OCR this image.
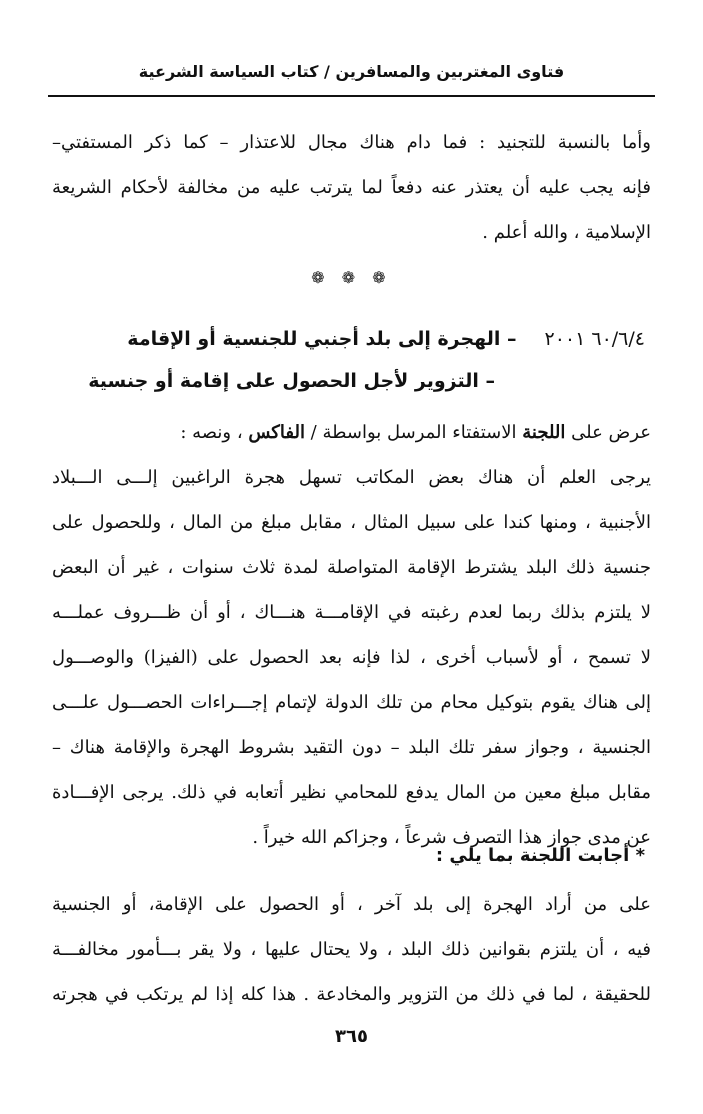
فتاوى المغتربين والمسافرين / كتاب السياسة الشرعية
وأما بالنسبة للتجنيد : فما دام هناك مجال للاعتذار – كما ذكر المستفتي–
فإنه يجب عليه أن يعتذر عنه دفعاً لما يترتب عليه من مخالفة لأحكام الشريعة
الإسلامية ، والله أعلم .
❁ ❁ ❁
٦٠/٦/٤ ٢٠٠١– الهجرة إلى بلد أجنبي للجنسية أو الإقامة
– التزوير لأجل الحصول على إقامة أو جنسية
عرض على اللجنة الاستفتاء المرسل بواسطة / الفاكس ، ونصه :
يرجى العلم أن هناك بعض المكاتب تسهل هجرة الراغبين إلـــى الـــبلاد
الأجنبية ، ومنها كندا على سبيل المثال ، مقابل مبلغ من المال ، وللحصول على
جنسية ذلك البلد يشترط الإقامة المتواصلة لمدة ثلاث سنوات ، غير أن البعض
لا يلتزم بذلك ربما لعدم رغبته في الإقامـــة هنـــاك ، أو أن ظـــروف عملـــه
لا تسمح ، أو لأسباب أخرى ، لذا فإنه بعد الحصول على (الفيزا) والوصـــول
إلى هناك يقوم بتوكيل محام من تلك الدولة لإتمام إجـــراءات الحصـــول علـــى
الجنسية ، وجواز سفر تلك البلد – دون التقيد بشروط الهجرة والإقامة هناك –
مقابل مبلغ معين من المال يدفع للمحامي نظير أتعابه في ذلك. يرجى الإفـــادة
عن مدى جواز هذا التصرف شرعاً ، وجزاكم الله خيراً .
* أجابت اللجنة بما يلي :
على من أراد الهجرة إلى بلد آخر ، أو الحصول على الإقامة، أو الجنسية
فيه ، أن يلتزم بقوانين ذلك البلد ، ولا يحتال عليها ، ولا يقر بـــأمور مخالفـــة
للحقيقة ، لما في ذلك من التزوير والمخادعة . هذا كله إذا لم يرتكب في هجرته
٣٦٥
